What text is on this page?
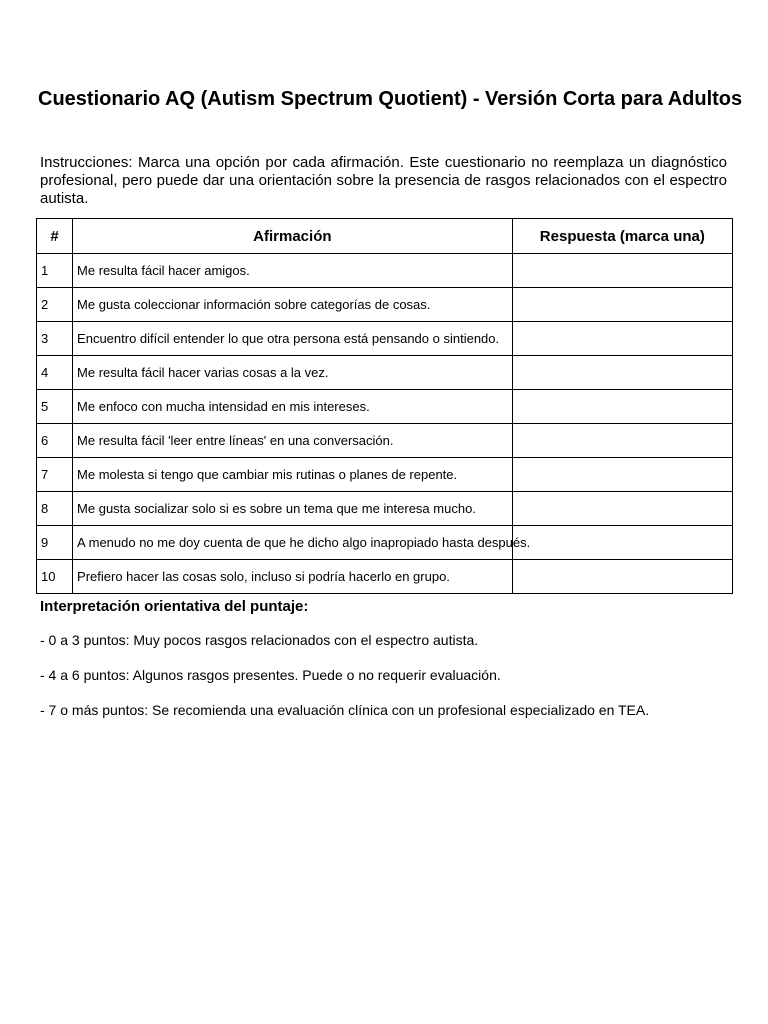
Cuestionario AQ (Autism Spectrum Quotient) - Versión Corta para Adultos

Instrucciones: Marca una opción por cada afirmación. Este cuestionario no reemplaza un diagnóstico profesional, pero puede dar una orientación sobre la presencia de rasgos relacionados con el espectro autista.

#	Afirmación	Respuesta (marca una)
1	Me resulta fácil hacer amigos.	
2	Me gusta coleccionar información sobre categorías de cosas.	
3	Encuentro difícil entender lo que otra persona está pensando o sintiendo.	
4	Me resulta fácil hacer varias cosas a la vez.	
5	Me enfoco con mucha intensidad en mis intereses.	
6	Me resulta fácil 'leer entre líneas' en una conversación.	
7	Me molesta si tengo que cambiar mis rutinas o planes de repente.	
8	Me gusta socializar solo si es sobre un tema que me interesa mucho.	
9	A menudo no me doy cuenta de que he dicho algo inapropiado hasta después.	
10	Prefiero hacer las cosas solo, incluso si podría hacerlo en grupo.	

Interpretación orientativa del puntaje:

- 0 a 3 puntos: Muy pocos rasgos relacionados con el espectro autista.

- 4 a 6 puntos: Algunos rasgos presentes. Puede o no requerir evaluación.

- 7 o más puntos: Se recomienda una evaluación clínica con un profesional especializado en TEA.
